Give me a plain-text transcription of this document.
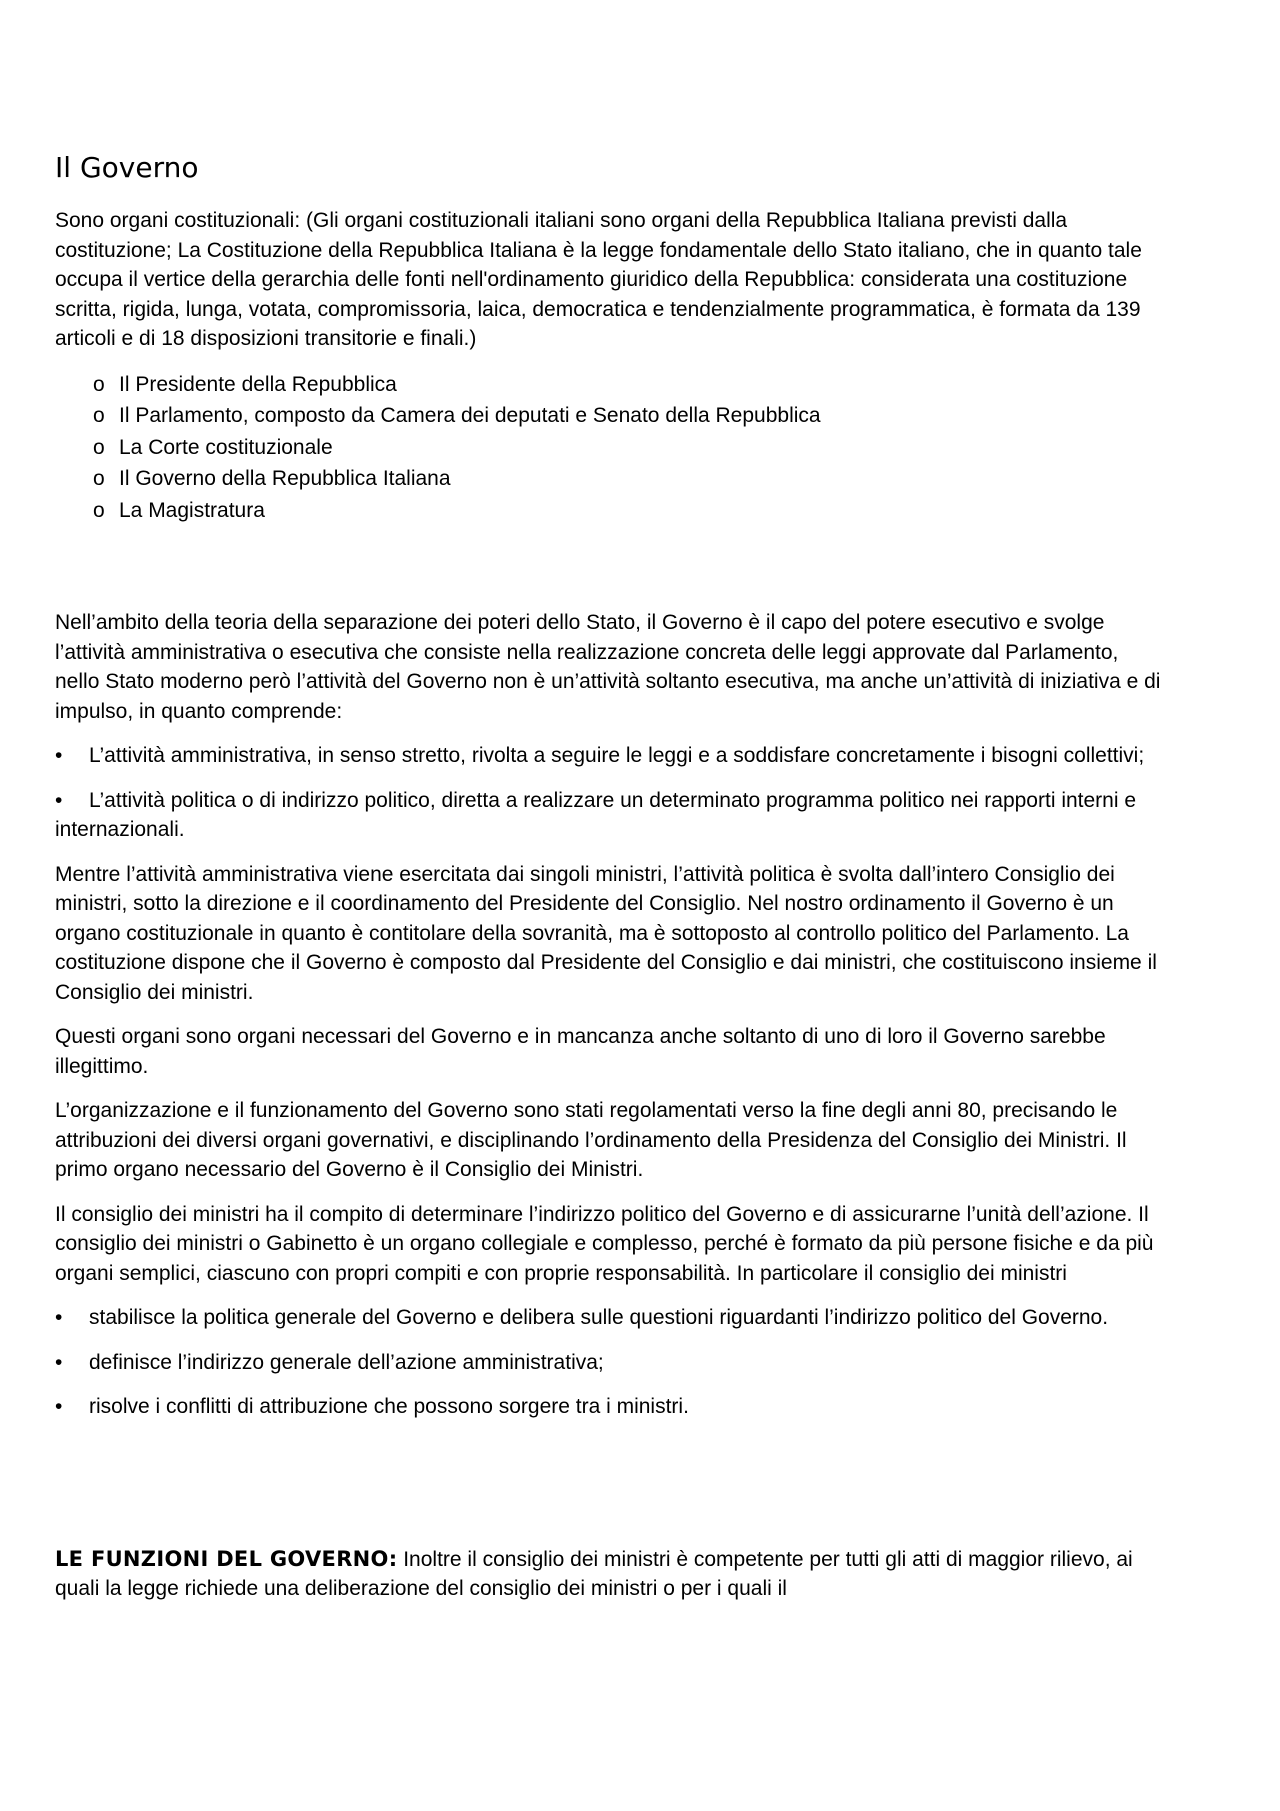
Il Governo

Sono organi costituzionali: (Gli organi costituzionali italiani sono organi della Repubblica Italiana previsti dalla costituzione; La Costituzione della Repubblica Italiana è la legge fondamentale dello Stato italiano, che in quanto tale occupa il vertice della gerarchia delle fonti nell'ordinamento giuridico della Repubblica: considerata una costituzione scritta, rigida, lunga, votata, compromissoria, laica, democratica e tendenzialmente programmatica, è formata da 139 articoli e di 18 disposizioni transitorie e finali.)

o Il Presidente della Repubblica
o Il Parlamento, composto da Camera dei deputati e Senato della Repubblica
o La Corte costituzionale
o Il Governo della Repubblica Italiana
o La Magistratura

Nell’ambito della teoria della separazione dei poteri dello Stato, il Governo è il capo del potere esecutivo e svolge l’attività amministrativa o esecutiva che consiste nella realizzazione concreta delle leggi approvate dal Parlamento, nello Stato moderno però l’attività del Governo non è un’attività soltanto esecutiva, ma anche un’attività di iniziativa e di impulso, in quanto comprende:

• L’attività amministrativa, in senso stretto, rivolta a seguire le leggi e a soddisfare concretamente i bisogni collettivi;

• L’attività politica o di indirizzo politico, diretta a realizzare un determinato programma politico nei rapporti interni e internazionali.

Mentre l’attività amministrativa viene esercitata dai singoli ministri, l’attività politica è svolta dall’intero Consiglio dei ministri, sotto la direzione e il coordinamento del Presidente del Consiglio. Nel nostro ordinamento il Governo è un organo costituzionale in quanto è contitolare della sovranità, ma è sottoposto al controllo politico del Parlamento. La costituzione dispone che il Governo è composto dal Presidente del Consiglio e dai ministri, che costituiscono insieme il Consiglio dei ministri.

Questi organi sono organi necessari del Governo e in mancanza anche soltanto di uno di loro il Governo sarebbe illegittimo.

L’organizzazione e il funzionamento del Governo sono stati regolamentati verso la fine degli anni 80, precisando le attribuzioni dei diversi organi governativi, e disciplinando l’ordinamento della Presidenza del Consiglio dei Ministri. Il primo organo necessario del Governo è il Consiglio dei Ministri.

Il consiglio dei ministri ha il compito di determinare l’indirizzo politico del Governo e di assicurarne l’unità dell’azione. Il consiglio dei ministri o Gabinetto è un organo collegiale e complesso, perché è formato da più persone fisiche e da più organi semplici, ciascuno con propri compiti e con proprie responsabilità. In particolare il consiglio dei ministri

• stabilisce la politica generale del Governo e delibera sulle questioni riguardanti l’indirizzo politico del Governo.

• definisce l’indirizzo generale dell’azione amministrativa;

• risolve i conflitti di attribuzione che possono sorgere tra i ministri.

LE FUNZIONI DEL GOVERNO: Inoltre il consiglio dei ministri è competente per tutti gli atti di maggior rilievo, ai quali la legge richiede una deliberazione del consiglio dei ministri o per i quali il
